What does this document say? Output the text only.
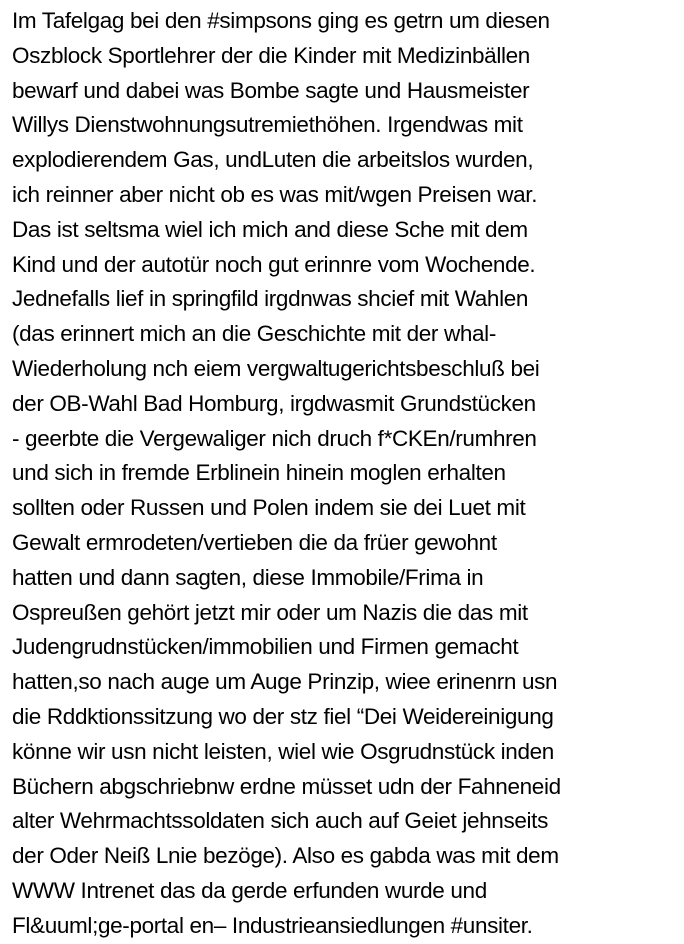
Im Tafelgag bei den #simpsons ging es getrn um diesen
Oszblock Sportlehrer der die Kinder mit Medizinbällen
bewarf und dabei was Bombe sagte und Hausmeister
Willys Dienstwohnungsutremiethöhen. Irgendwas mit
explodierendem Gas, undLuten die arbeitslos wurden,
ich reinner aber nicht ob es was mit/wgen Preisen war.
Das ist seltsma wiel ich mich and diese Sche mit dem
Kind und der autotür noch gut erinnre vom Wochende.
Jednefalls lief in springfild irgdnwas shcief mit Wahlen
(das erinnert mich an die Geschichte mit der whal-
Wiederholung nch eiem vergwaltugerichtsbeschluß bei
der OB-Wahl Bad Homburg, irgdwasmit Grundstücken
- geerbte die Vergewaliger nich druch f*CKEn/rumhren
und sich in fremde Erblinein hinein moglen erhalten
sollten oder Russen und Polen indem sie dei Luet mit
Gewalt ermrodeten/vertieben die da früer gewohnt
hatten und dann sagten, diese Immobile/Frima in
Ospreußen gehört jetzt mir oder um Nazis die das mit
Judengrudnstücken/immobilien und Firmen gemacht
hatten,so nach auge um Auge Prinzip, wiee erinenrn usn
die Rddktionssitzung wo der stz fiel “Dei Weidereinigung
könne wir usn nicht leisten, wiel wie Osgrudnstück inden
Büchern abgschriebnw erdne müsset udn der Fahneneid
alter Wehrmachtssoldaten sich auch auf Geiet jehnseits
der Oder Neiß Lnie bezöge). Also es gabda was mit dem
WWW Intrenet das da gerde erfunden wurde und
Fl&uuml;ge-portal en– Industrieansiedlungen #unsiter.
